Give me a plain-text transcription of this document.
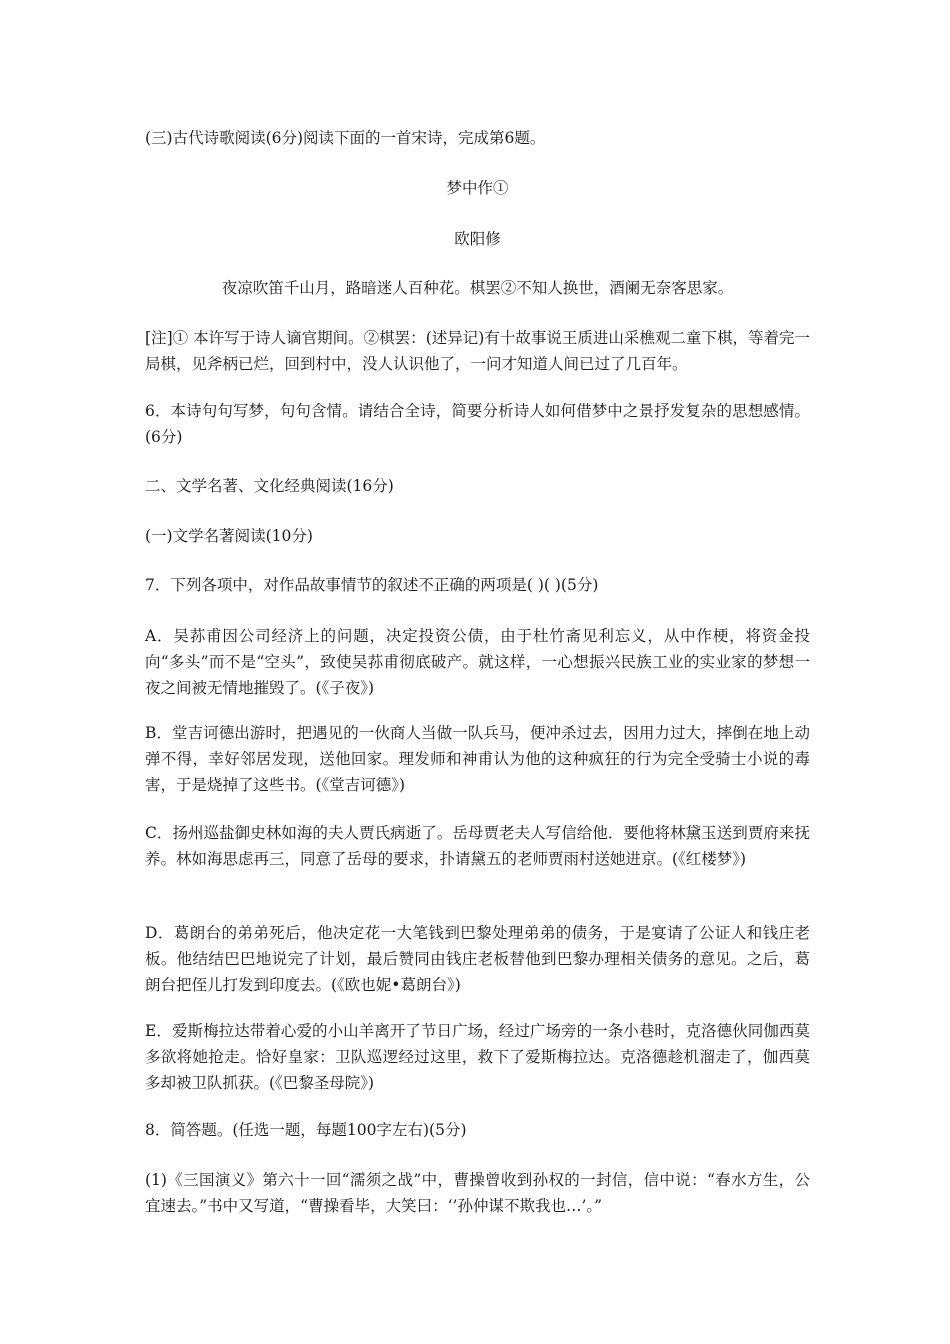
(三)古代诗歌阅读(6分)阅读下面的一首宋诗，完成第6题。

梦中作①

欧阳修

夜凉吹笛千山月，路暗迷人百种花。棋罢②不知人换世，酒阑无奈客思家。

[注]① 本许写于诗人谪官期间。②棋罢：(述异记)有十故事说王质进山采樵观二童下棋，等着完一局棋，见斧柄已烂，回到村中，没人认识他了，一问才知道人间已过了几百年。

6．本诗句句写梦，句句含情。请结合全诗，简要分析诗人如何借梦中之景抒发复杂的思想感情。(6分)

二、文学名著、文化经典阅读(16分)

(一)文学名著阅读(10分)

7．下列各项中，对作品故事情节的叙述不正确的两项是( )( )(5分)

A．吴荪甫因公司经济上的问题，决定投资公债，由于杜竹斋见利忘义，从中作梗，将资金投向“多头”而不是“空头”，致使吴荪甫彻底破产。就这样，一心想振兴民族工业的实业家的梦想一夜之间被无情地摧毁了。(《子夜》)

B．堂吉诃德出游时，把遇见的一伙商人当做一队兵马，便冲杀过去，因用力过大，摔倒在地上动弹不得，幸好邻居发现，送他回家。理发师和神甫认为他的这种疯狂的行为完全受骑士小说的毒害，于是烧掉了这些书。(《堂吉诃德》)

C．扬州巡盐御史林如海的夫人贾氏病逝了。岳母贾老夫人写信给他．要他将林黛玉送到贾府来抚养。林如海思虑再三，同意了岳母的要求，扑请黛五的老师贾雨村送她进京。(《红楼梦》)

D．葛朗台的弟弟死后，他决定花一大笔钱到巴黎处理弟弟的债务，于是宴请了公证人和钱庄老板。他结结巴巴地说完了计划，最后赞同由钱庄老板替他到巴黎办理相关债务的意见。之后，葛朗台把侄儿打发到印度去。(《欧也妮•葛朗台》)

E．爱斯梅拉达带着心爱的小山羊离开了节日广场，经过广场旁的一条小巷时，克洛德伙同伽西莫多欲将她抢走。恰好皇家：卫队巡逻经过这里，救下了爱斯梅拉达。克洛德趁机溜走了，伽西莫多却被卫队抓获。(《巴黎圣母院》)

8．简答题。(任选一题，每题100字左右)(5分)

(1)《三国演义》第六十一回“濡须之战”中，曹操曾收到孙权的一封信，信中说：“春水方生，公宜速去。”书中又写道，“曹操看毕，大笑曰：‘’孙仲谋不欺我也…’。”
